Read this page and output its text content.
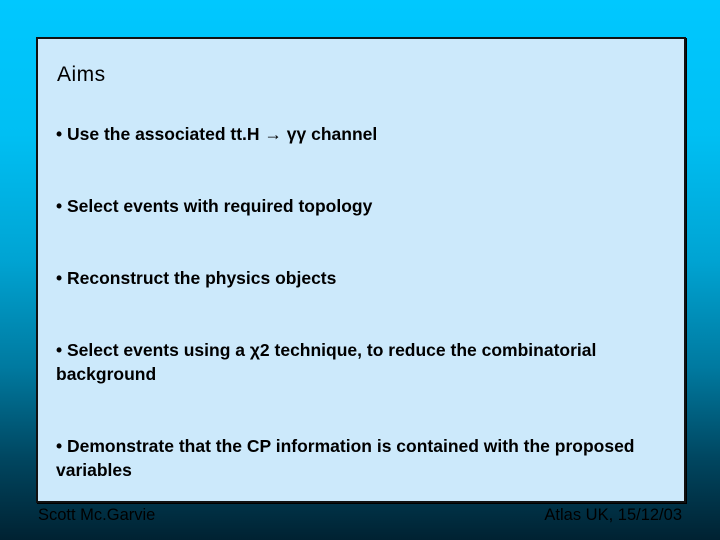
Aims
• Use the associated tt.H → γγ channel
• Select events with required topology
• Reconstruct the physics objects
• Select events using a χ2 technique, to reduce the combinatorial background
• Demonstrate that the CP information is contained with the proposed variables
Scott Mc.Garvie	Atlas UK, 15/12/03
